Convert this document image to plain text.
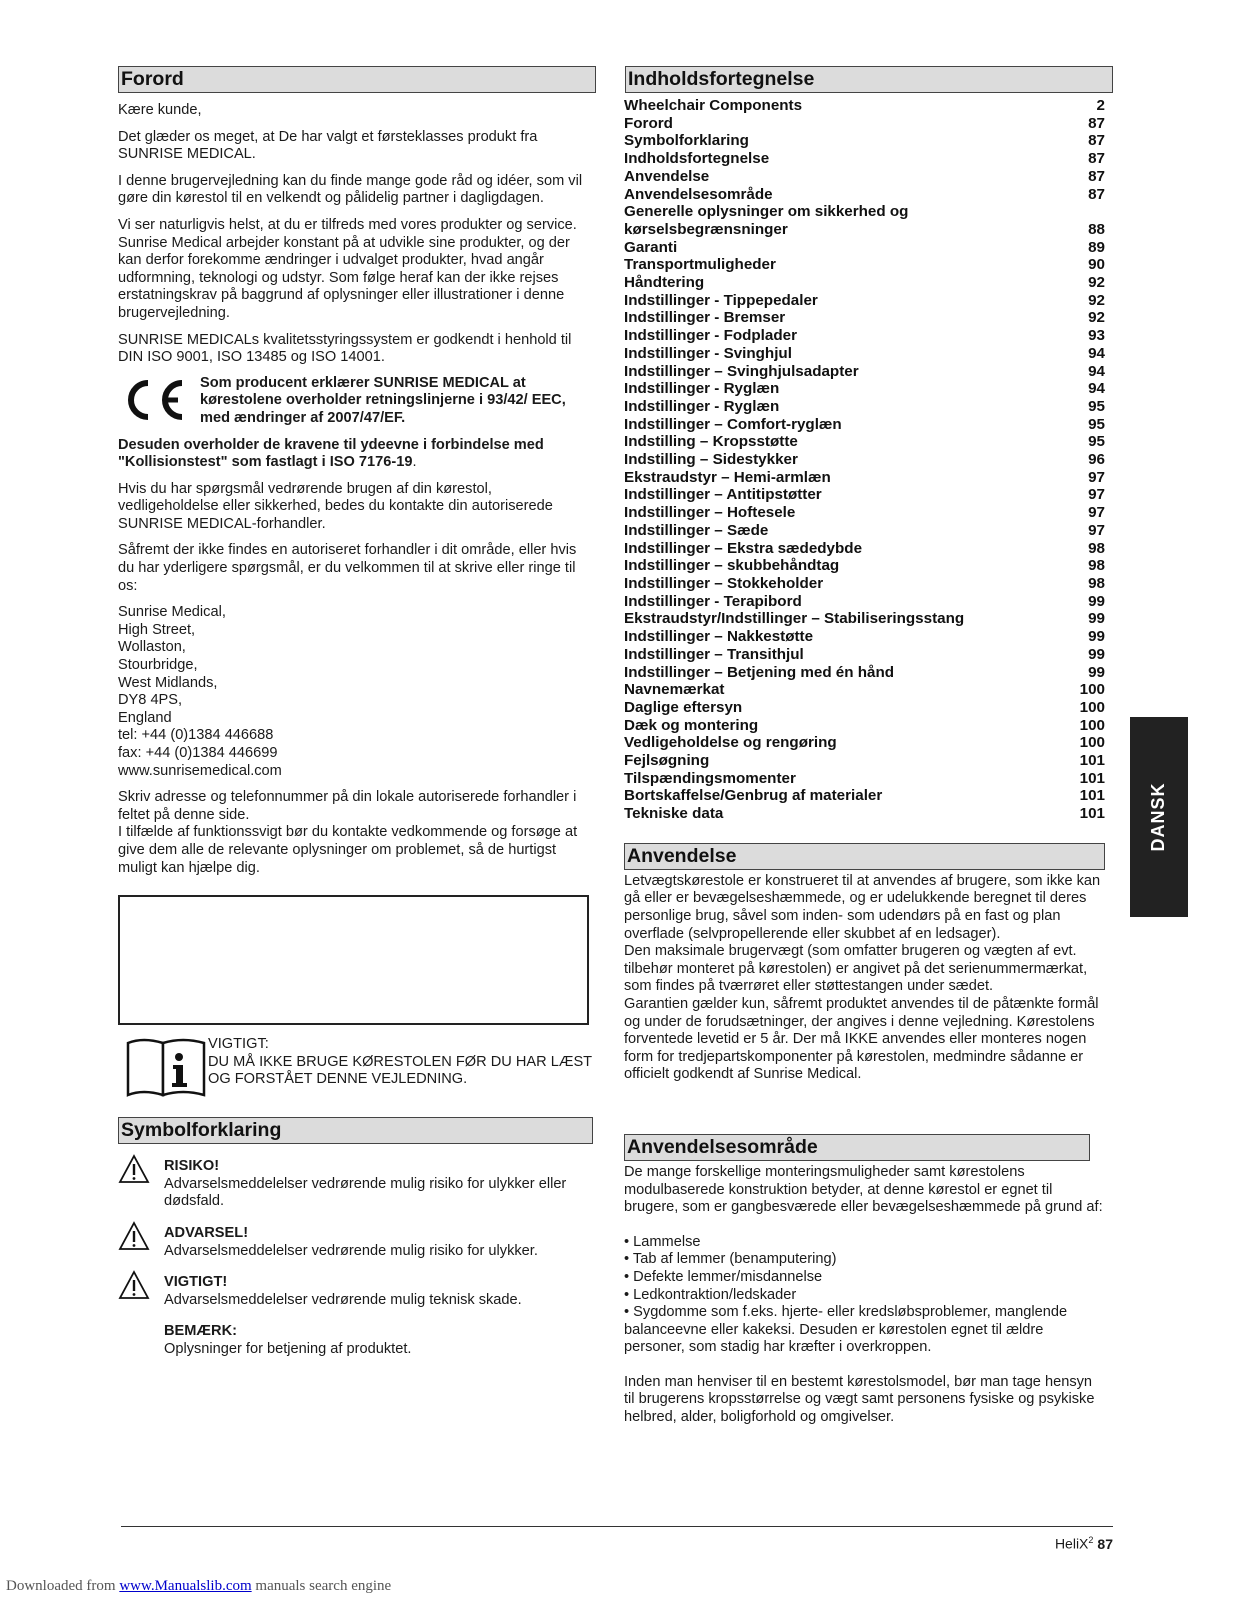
Forord
Kære kunde,
Det glæder os meget, at De har valgt et førsteklasses produkt fra SUNRISE MEDICAL.
I denne brugervejledning kan du finde mange gode råd og idéer, som vil gøre din kørestol til en velkendt og pålidelig partner i dagligdagen.
Vi ser naturligvis helst, at du er tilfreds med vores produkter og service. Sunrise Medical arbejder konstant på at udvikle sine produkter, og der kan derfor forekomme ændringer i udvalget produkter, hvad angår udformning, teknologi og udstyr. Som følge heraf kan der ikke rejses erstatningskrav på baggrund af oplysninger eller illustrationer i denne brugervejledning.
SUNRISE MEDICALs kvalitetsstyringssystem er godkendt i henhold til DIN ISO 9001, ISO 13485 og ISO 14001.
Som producent erklærer SUNRISE MEDICAL at kørestolene overholder retningslinjerne i 93/42/ EEC, med ændringer af 2007/47/EF.
Desuden overholder de kravene til ydeevne i forbindelse med "Kollisionstest" som fastlagt i ISO 7176-19.
Hvis du har spørgsmål vedrørende brugen af din kørestol, vedligeholdelse eller sikkerhed, bedes du kontakte din autoriserede SUNRISE MEDICAL-forhandler.
Såfremt der ikke findes en autoriseret forhandler i dit område, eller hvis du har yderligere spørgsmål, er du velkommen til at skrive eller ringe til os:
Sunrise Medical,
High Street,
Wollaston,
Stourbridge,
West Midlands,
DY8 4PS,
England
tel: +44 (0)1384 446688
fax: +44 (0)1384 446699
www.sunrisemedical.com
Skriv adresse og telefonnummer på din lokale autoriserede forhandler i feltet på denne side.
I tilfælde af funktionssvigt bør du kontakte vedkommende og forsøge at give dem alle de relevante oplysninger om problemet, så de hurtigst muligt kan hjælpe dig.
VIGTIGT:
DU MÅ IKKE BRUGE KØRESTOLEN FØR DU HAR LÆST OG FORSTÅET DENNE VEJLEDNING.
Symbolforklaring
RISIKO!
Advarselsmeddelelser vedrørende mulig risiko for ulykker eller dødsfald.
ADVARSEL!
Advarselsmeddelelser vedrørende mulig risiko for ulykker.
VIGTIGT!
Advarselsmeddelelser vedrørende mulig teknisk skade.
BEMÆRK:
Oplysninger for betjening af produktet.
Indholdsfortegnelse
Wheelchair Components	2
Forord	87
Symbolforklaring	87
Indholdsfortegnelse	87
Anvendelse	87
Anvendelsesområde	87
Generelle oplysninger om sikkerhed og
kørselsbegrænsninger	88
Garanti	89
Transportmuligheder	90
Håndtering	92
Indstillinger - Tippepedaler	92
Indstillinger - Bremser	92
Indstillinger - Fodplader	93
Indstillinger - Svinghjul	94
Indstillinger – Svinghjulsadapter	94
Indstillinger - Ryglæn	94
Indstillinger - Ryglæn	95
Indstillinger – Comfort-ryglæn	95
Indstilling – Kropsstøtte	95
Indstilling – Sidestykker	96
Ekstraudstyr – Hemi-armlæn	97
Indstillinger – Antitipstøtter	97
Indstillinger – Hoftesele	97
Indstillinger – Sæde	97
Indstillinger – Ekstra sædedybde	98
Indstillinger – skubbehåndtag	98
Indstillinger – Stokkeholder	98
Indstillinger - Terapibord	99
Ekstraudstyr/Indstillinger – Stabiliseringsstang	99
Indstillinger – Nakkestøtte	99
Indstillinger – Transithjul	99
Indstillinger – Betjening med én hånd	99
Navnemærkat	100
Daglige eftersyn	100
Dæk og montering	100
Vedligeholdelse og rengøring	100
Fejlsøgning	101
Tilspændingsmomenter	101
Bortskaffelse/Genbrug af materialer	101
Tekniske data	101
Anvendelse
Letvægtskørestole er konstrueret til at anvendes af brugere, som ikke kan gå eller er bevægelseshæmmede, og er udelukkende beregnet til deres personlige brug, såvel som inden- som udendørs på en fast og plan overflade (selvpropellerende eller skubbet af en ledsager).
Den maksimale brugervægt (som omfatter brugeren og vægten af evt. tilbehør monteret på kørestolen) er angivet på det serienummermærkat, som findes på tværrøret eller støttestangen under sædet.
Garantien gælder kun, såfremt produktet anvendes til de påtænkte formål og under de forudsætninger, der angives i denne vejledning. Kørestolens forventede levetid er 5 år. Der må IKKE anvendes eller monteres nogen form for tredjepartskomponenter på kørestolen, medmindre sådanne er officielt godkendt af Sunrise Medical.
Anvendelsesområde
De mange forskellige monteringsmuligheder samt kørestolens modulbaserede konstruktion betyder, at denne kørestol er egnet til brugere, som er gangbesværede eller bevægelseshæmmede på grund af:
• Lammelse
• Tab af lemmer (benamputering)
• Defekte lemmer/misdannelse
• Ledkontraktion/ledskader
• Sygdomme som f.eks. hjerte- eller kredsløbsproblemer, manglende balanceevne eller kakeksi. Desuden er kørestolen egnet til ældre personer, som stadig har kræfter i overkroppen.
Inden man henviser til en bestemt kørestolsmodel, bør man tage hensyn til brugerens kropsstørrelse og vægt samt personens fysiske og psykiske helbred, alder, boligforhold og omgivelser.
DANSK
HeliX$^2$ 87
Downloaded from www.Manualslib.com manuals search engine
